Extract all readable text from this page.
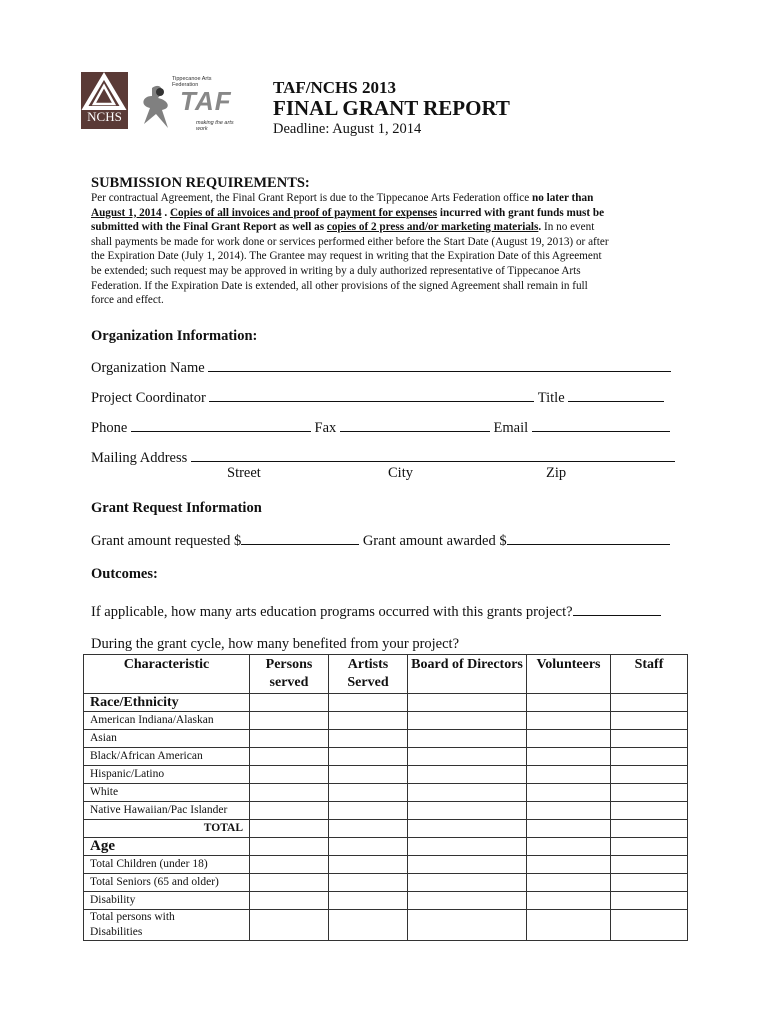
NCHS
Tippecanoe Arts Federation
TAF
making the arts work
TAF/NCHS 2013
FINAL GRANT REPORT
Deadline: August 1, 2014
SUBMISSION REQUIREMENTS:
Per contractual Agreement, the Final Grant Report is due to the Tippecanoe Arts Federation office no later than
August 1, 2014 . Copies of all invoices and proof of payment for expenses incurred with grant funds must be
submitted with the Final Grant Report as well as copies of 2 press and/or marketing materials. In no event
shall payments be made for work done or services performed either before the Start Date (August 19, 2013) or after
the Expiration Date (July 1, 2014). The Grantee may request in writing that the Expiration Date of this Agreement
be extended; such request may be approved in writing by a duly authorized representative of Tippecanoe Arts
Federation. If the Expiration Date is extended, all other provisions of the signed Agreement shall remain in full
force and effect.
Organization Information:
Organization Name
Project Coordinator	Title
Phone	Fax	Email
Mailing Address
Street	City	Zip
Grant Request Information
Grant amount requested $	Grant amount awarded $
Outcomes:
If applicable, how many arts education programs occurred with this grants project?
During the grant cycle, how many benefited from your project?
Characteristic	Persons served	Artists Served	Board of Directors	Volunteers	Staff
Race/Ethnicity					
American Indiana/Alaskan					
Asian					
Black/African American					
Hispanic/Latino					
White					
Native Hawaiian/Pac Islander					
TOTAL					
Age					
Total Children (under 18)					
Total Seniors (65 and older)					
Disability					

Total persons with
Disabilities					
